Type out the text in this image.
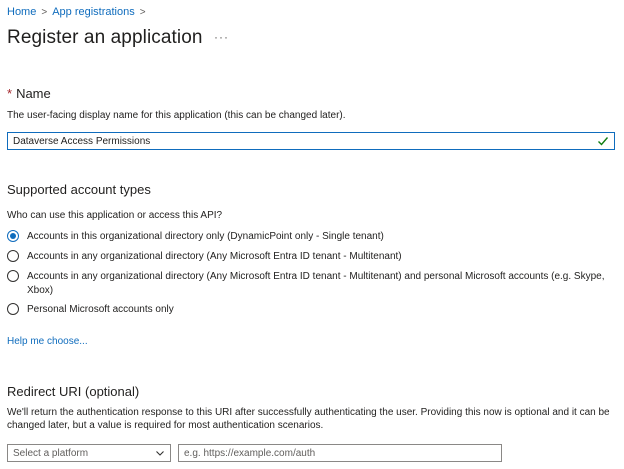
Home > App registrations >
Register an application ···
* Name
The user-facing display name for this application (this can be changed later).
Dataverse Access Permissions
Supported account types
Who can use this application or access this API?
Accounts in this organizational directory only (DynamicPoint only - Single tenant)
Accounts in any organizational directory (Any Microsoft Entra ID tenant - Multitenant)
Accounts in any organizational directory (Any Microsoft Entra ID tenant - Multitenant) and personal Microsoft accounts (e.g. Skype, Xbox)
Personal Microsoft accounts only
Help me choose...
Redirect URI (optional)
We'll return the authentication response to this URI after successfully authenticating the user. Providing this now is optional and it can be changed later, but a value is required for most authentication scenarios.
Select a platform
e.g. https://example.com/auth
